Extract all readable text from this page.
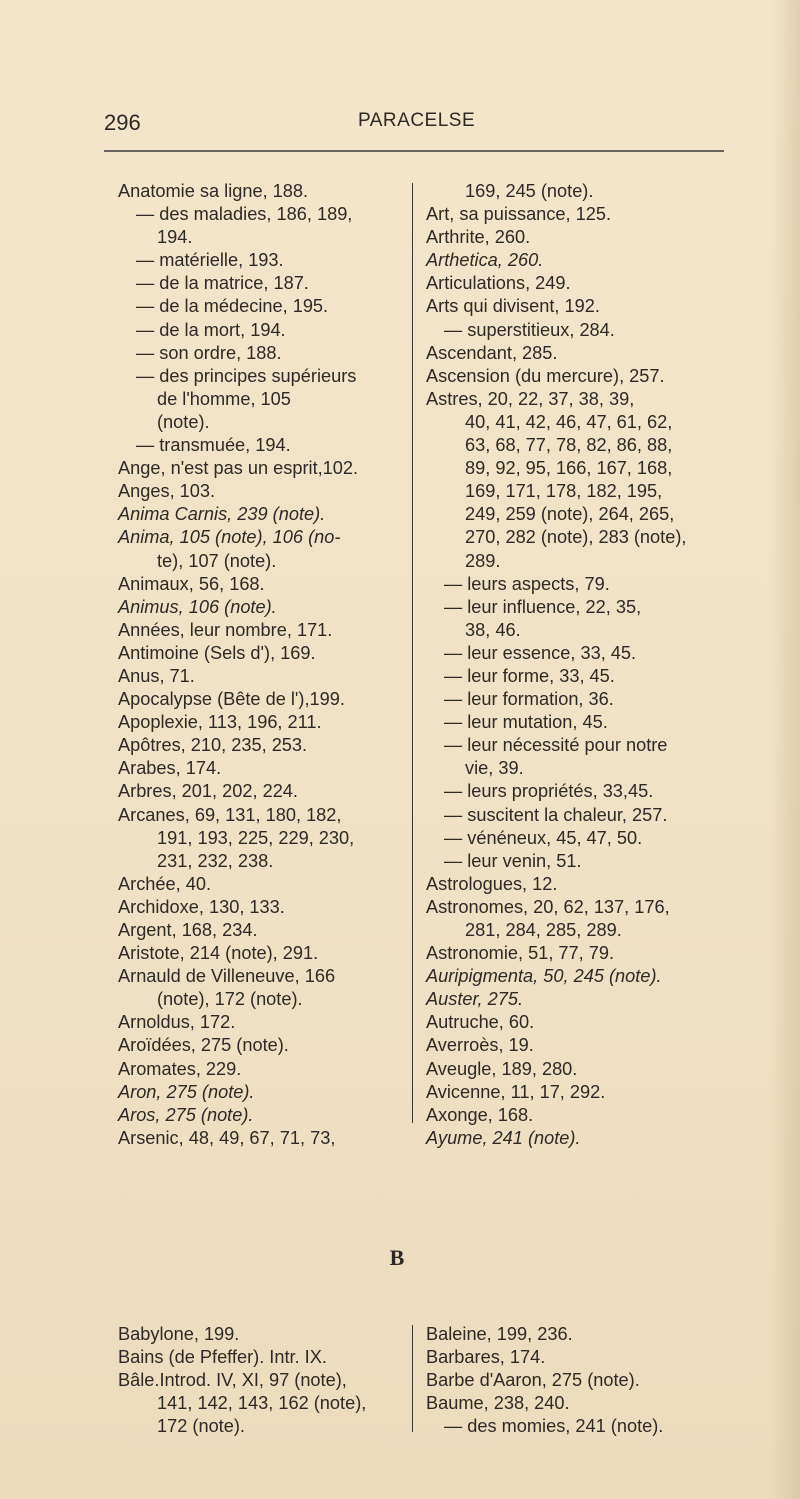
296	PARACELSE
Anatomie sa ligne, 188.
— des maladies, 186, 189,
194.
— matérielle, 193.
— de la matrice, 187.
— de la médecine, 195.
— de la mort, 194.
— son ordre, 188.
— des principes supérieurs
de l'homme, 105
(note).
— transmuée, 194.
Ange, n'est pas un esprit,102.
Anges, 103.
Anima Carnis, 239 (note).
Anima, 105 (note), 106 (no-
te), 107 (note).
Animaux, 56, 168.
Animus, 106 (note).
Années, leur nombre, 171.
Antimoine (Sels d'), 169.
Anus, 71.
Apocalypse (Bête de l'),199.
Apoplexie, 113, 196, 211.
Apôtres, 210, 235, 253.
Arabes, 174.
Arbres, 201, 202, 224.
Arcanes, 69, 131, 180, 182,
191, 193, 225, 229, 230,
231, 232, 238.
Archée, 40.
Archidoxe, 130, 133.
Argent, 168, 234.
Aristote, 214 (note), 291.
Arnauld de Villeneuve, 166
(note), 172 (note).
Arnoldus, 172.
Aroïdées, 275 (note).
Aromates, 229.
Aron, 275 (note).
Aros, 275 (note).
Arsenic, 48, 49, 67, 71, 73,
169, 245 (note).
Art, sa puissance, 125.
Arthrite, 260.
Arthetica, 260.
Articulations, 249.
Arts qui divisent, 192.
— superstitieux, 284.
Ascendant, 285.
Ascension (du mercure), 257.
Astres, 20, 22, 37, 38, 39,
40, 41, 42, 46, 47, 61, 62,
63, 68, 77, 78, 82, 86, 88,
89, 92, 95, 166, 167, 168,
169, 171, 178, 182, 195,
249, 259 (note), 264, 265,
270, 282 (note), 283 (note),
289.
— leurs aspects, 79.
— leur influence, 22, 35,
38, 46.
— leur essence, 33, 45.
— leur forme, 33, 45.
— leur formation, 36.
— leur mutation, 45.
— leur nécessité pour notre
vie, 39.
— leurs propriétés, 33,45.
— suscitent la chaleur, 257.
— vénéneux, 45, 47, 50.
— leur venin, 51.
Astrologues, 12.
Astronomes, 20, 62, 137, 176,
281, 284, 285, 289.
Astronomie, 51, 77, 79.
Auripigmenta, 50, 245 (note).
Auster, 275.
Autruche, 60.
Averroès, 19.
Aveugle, 189, 280.
Avicenne, 11, 17, 292.
Axonge, 168.
Ayume, 241 (note).
B
Babylone, 199.
Bains (de Pfeffer). Intr. IX.
Bâle.Introd. IV, XI, 97 (note),
141, 142, 143, 162 (note),
172 (note).
Baleine, 199, 236.
Barbares, 174.
Barbe d'Aaron, 275 (note).
Baume, 238, 240.
— des momies, 241 (note).
